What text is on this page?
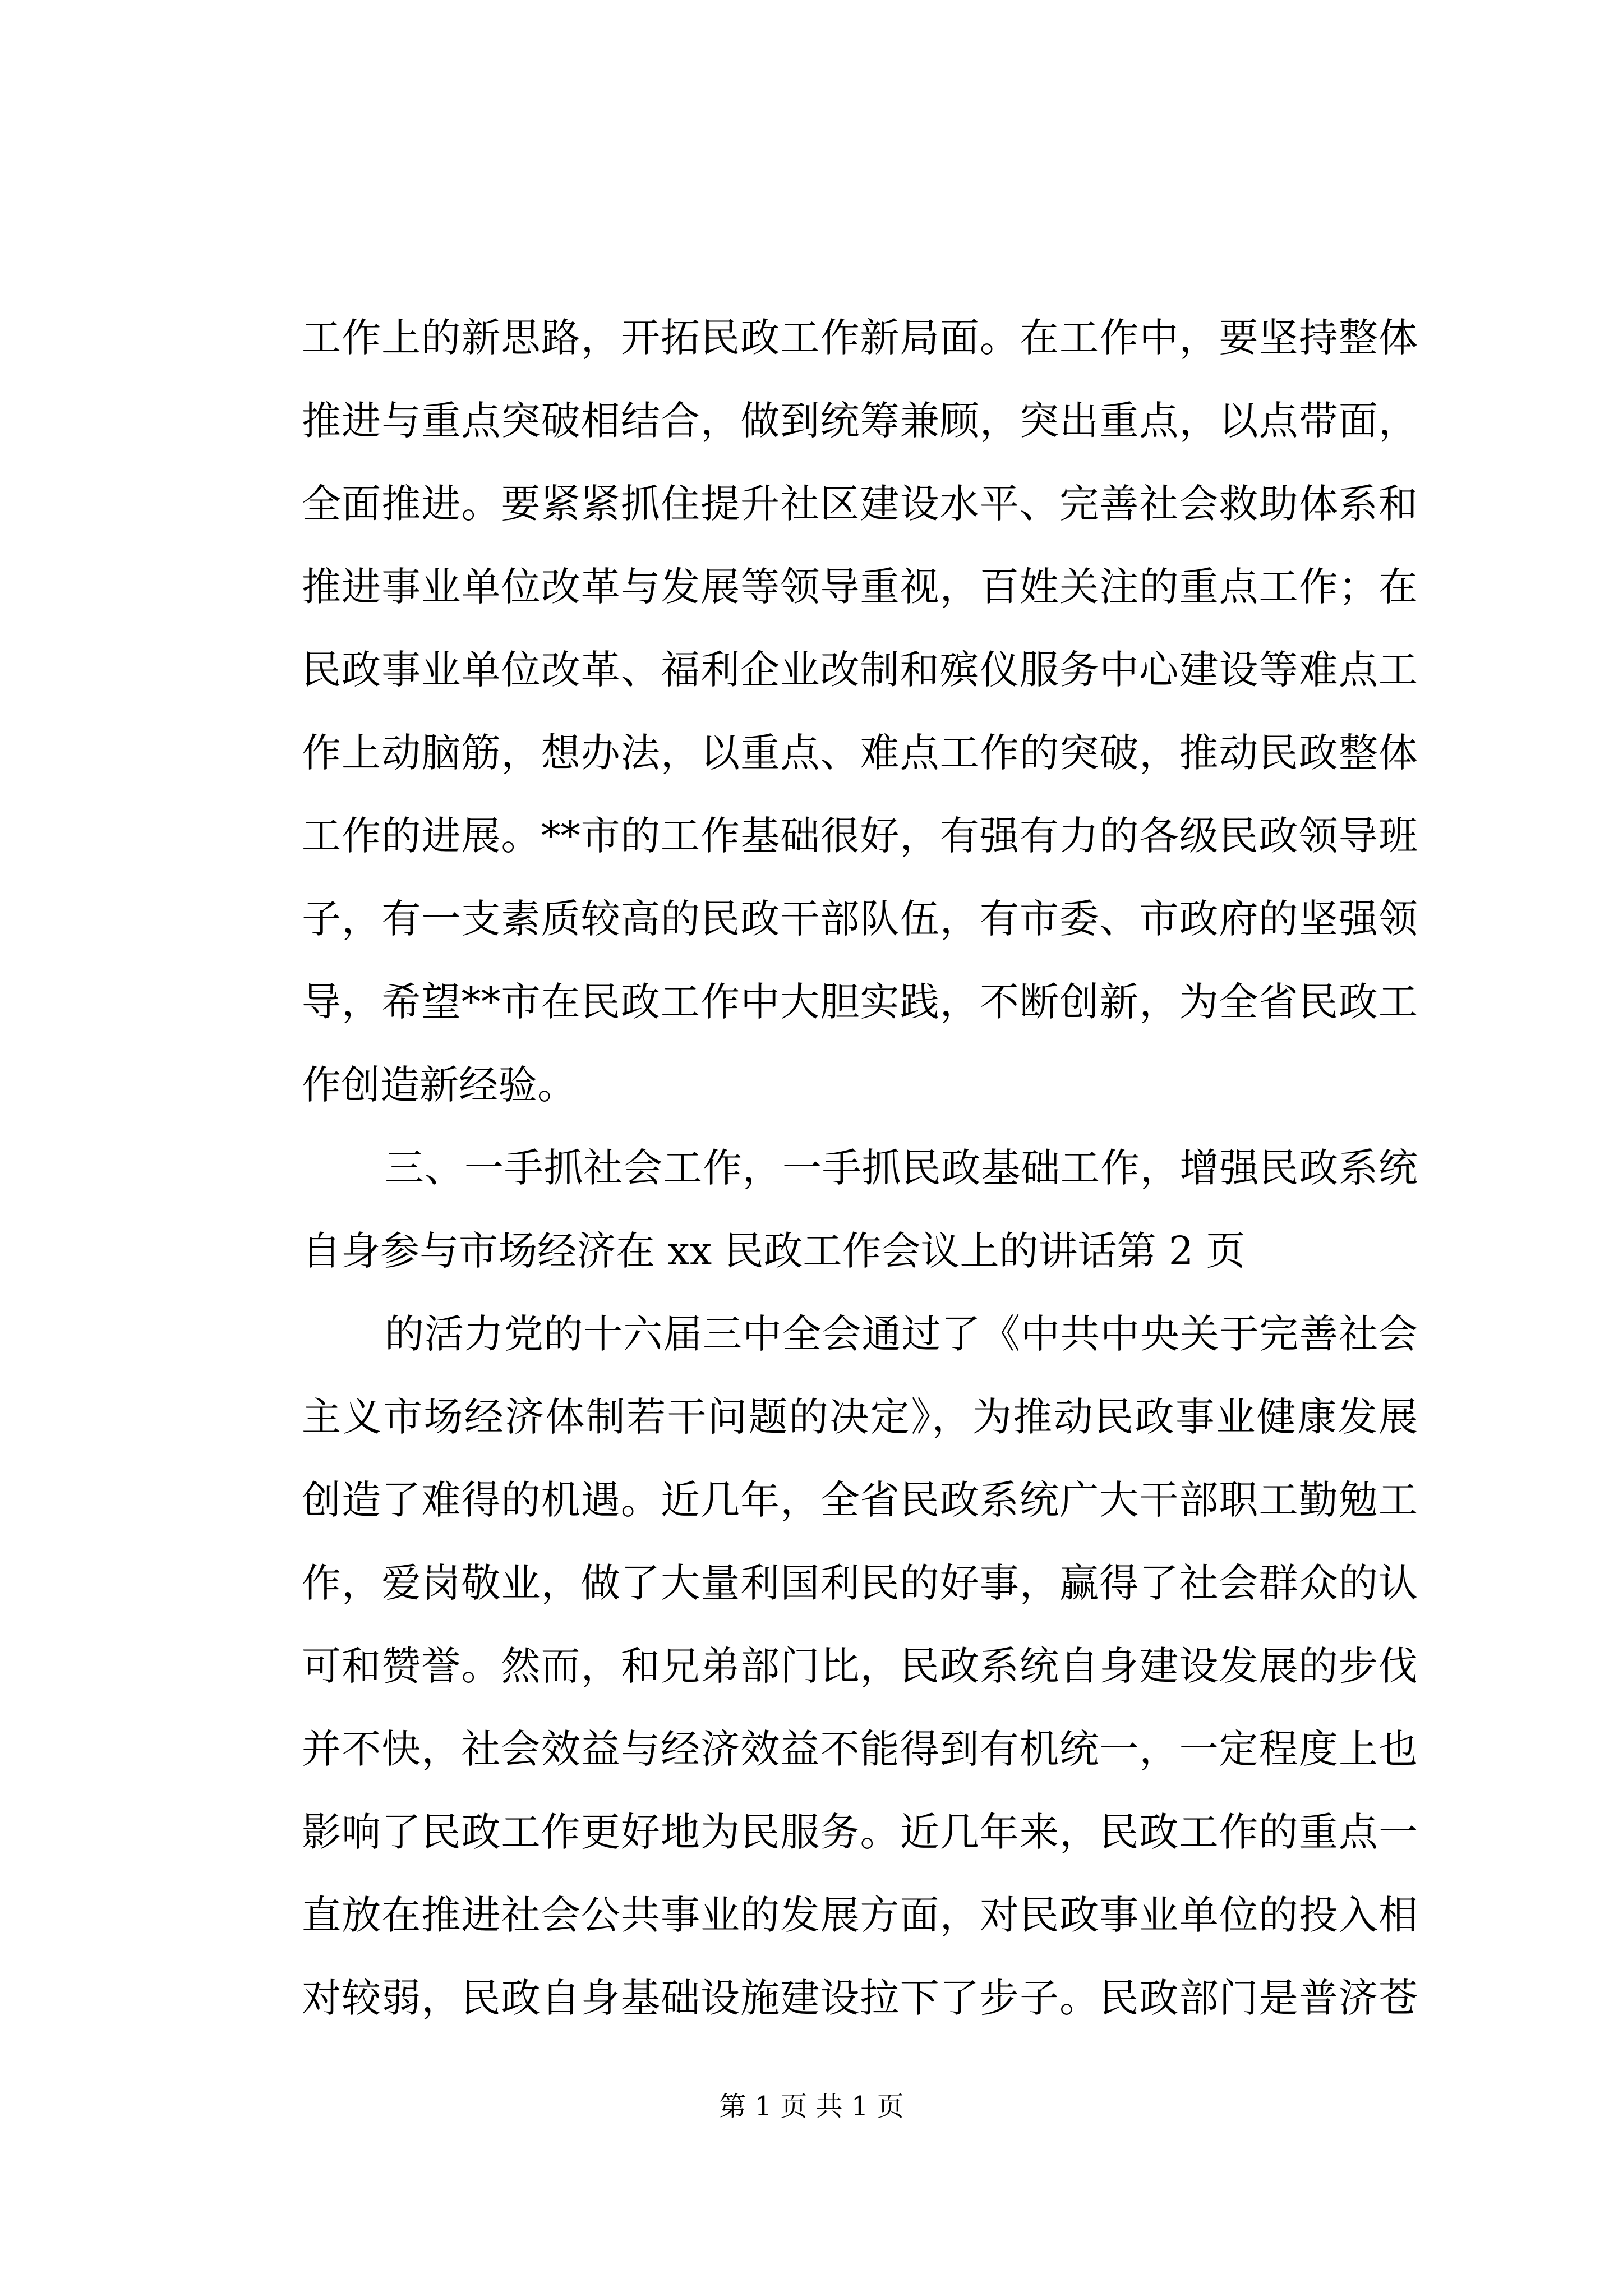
工作上的新思路，开拓民政工作新局面。在工作中，要坚持整体
推进与重点突破相结合，做到统筹兼顾，突出重点，以点带面，
全面推进。要紧紧抓住提升社区建设水平、完善社会救助体系和
推进事业单位改革与发展等领导重视，百姓关注的重点工作；在
民政事业单位改革、福利企业改制和殡仪服务中心建设等难点工
作上动脑筋，想办法，以重点、难点工作的突破，推动民政整体
工作的进展。**市的工作基础很好，有强有力的各级民政领导班
子，有一支素质较高的民政干部队伍，有市委、市政府的坚强领
导，希望**市在民政工作中大胆实践，不断创新，为全省民政工
作创造新经验。
三、一手抓社会工作，一手抓民政基础工作，增强民政系统
自身参与市场经济在 xx 民政工作会议上的讲话第 2 页
的活力党的十六届三中全会通过了《中共中央关于完善社会
主义市场经济体制若干问题的决定》，为推动民政事业健康发展
创造了难得的机遇。近几年，全省民政系统广大干部职工勤勉工
作，爱岗敬业，做了大量利国利民的好事，赢得了社会群众的认
可和赞誉。然而，和兄弟部门比，民政系统自身建设发展的步伐
并不快，社会效益与经济效益不能得到有机统一，一定程度上也
影响了民政工作更好地为民服务。近几年来，民政工作的重点一
直放在推进社会公共事业的发展方面，对民政事业单位的投入相
对较弱，民政自身基础设施建设拉下了步子。民政部门是普济苍
第 1 页 共 1 页
